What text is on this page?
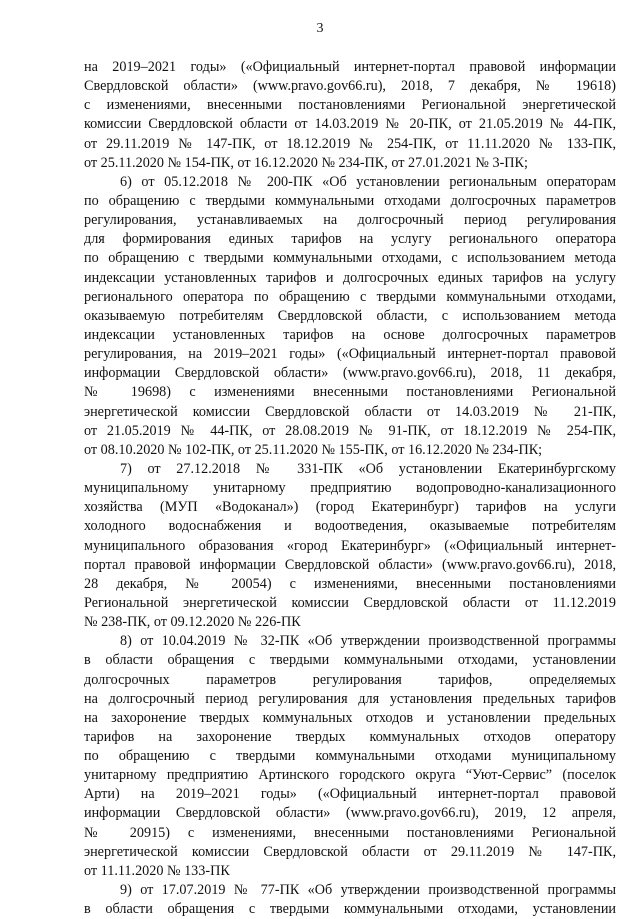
3
на 2019–2021 годы» («Официальный интернет-портал правовой информации
Свердловской области» (www.pravo.gov66.ru), 2018, 7 декабря, № 19618)
с изменениями, внесенными постановлениями Региональной энергетической
комиссии Свердловской области от 14.03.2019 № 20-ПК, от 21.05.2019 № 44-ПК,
от 29.11.2019 № 147-ПК, от 18.12.2019 № 254-ПК, от 11.11.2020 № 133-ПК,
от 25.11.2020 № 154-ПК, от 16.12.2020 № 234-ПК, от 27.01.2021 № 3-ПК;
6) от 05.12.2018 № 200-ПК «Об установлении региональным операторам
по обращению с твердыми коммунальными отходами долгосрочных параметров
регулирования, устанавливаемых на долгосрочный период регулирования
для формирования единых тарифов на услугу регионального оператора
по обращению с твердыми коммунальными отходами, с использованием метода
индексации установленных тарифов и долгосрочных единых тарифов на услугу
регионального оператора по обращению с твердыми коммунальными отходами,
оказываемую потребителям Свердловской области, с использованием метода
индексации установленных тарифов на основе долгосрочных параметров
регулирования, на 2019–2021 годы» («Официальный интернет-портал правовой
информации Свердловской области» (www.pravo.gov66.ru), 2018, 11 декабря,
№ 19698) с изменениями внесенными постановлениями Региональной
энергетической комиссии Свердловской области от 14.03.2019 № 21-ПК,
от 21.05.2019 № 44-ПК, от 28.08.2019 № 91-ПК, от 18.12.2019 № 254-ПК,
от 08.10.2020 № 102-ПК, от 25.11.2020 № 155-ПК, от 16.12.2020 № 234-ПК;
7) от 27.12.2018 № 331-ПК «Об установлении Екатеринбургскому
муниципальному унитарному предприятию водопроводно-канализационного
хозяйства (МУП «Водоканал») (город Екатеринбург) тарифов на услуги
холодного водоснабжения и водоотведения, оказываемые потребителям
муниципального образования «город Екатеринбург» («Официальный интернет-
портал правовой информации Свердловской области» (www.pravo.gov66.ru), 2018,
28 декабря, № 20054) с изменениями, внесенными постановлениями
Региональной энергетической комиссии Свердловской области от 11.12.2019
№ 238-ПК, от 09.12.2020 № 226-ПК
8) от 10.04.2019 № 32-ПК «Об утверждении производственной программы
в области обращения с твердыми коммунальными отходами, установлении
долгосрочных параметров регулирования тарифов, определяемых
на долгосрочный период регулирования для установления предельных тарифов
на захоронение твердых коммунальных отходов и установлении предельных
тарифов на захоронение твердых коммунальных отходов оператору
по обращению с твердыми коммунальными отходами муниципальному
унитарному предприятию Артинского городского округа “Уют-Сервис” (поселок
Арти) на 2019–2021 годы» («Официальный интернет-портал правовой
информации Свердловской области» (www.pravo.gov66.ru), 2019, 12 апреля,
№ 20915) с изменениями, внесенными постановлениями Региональной
энергетической комиссии Свердловской области от 29.11.2019 № 147-ПК,
от 11.11.2020 № 133-ПК
9) от 17.07.2019 № 77-ПК «Об утверждении производственной программы
в области обращения с твердыми коммунальными отходами, установлении
